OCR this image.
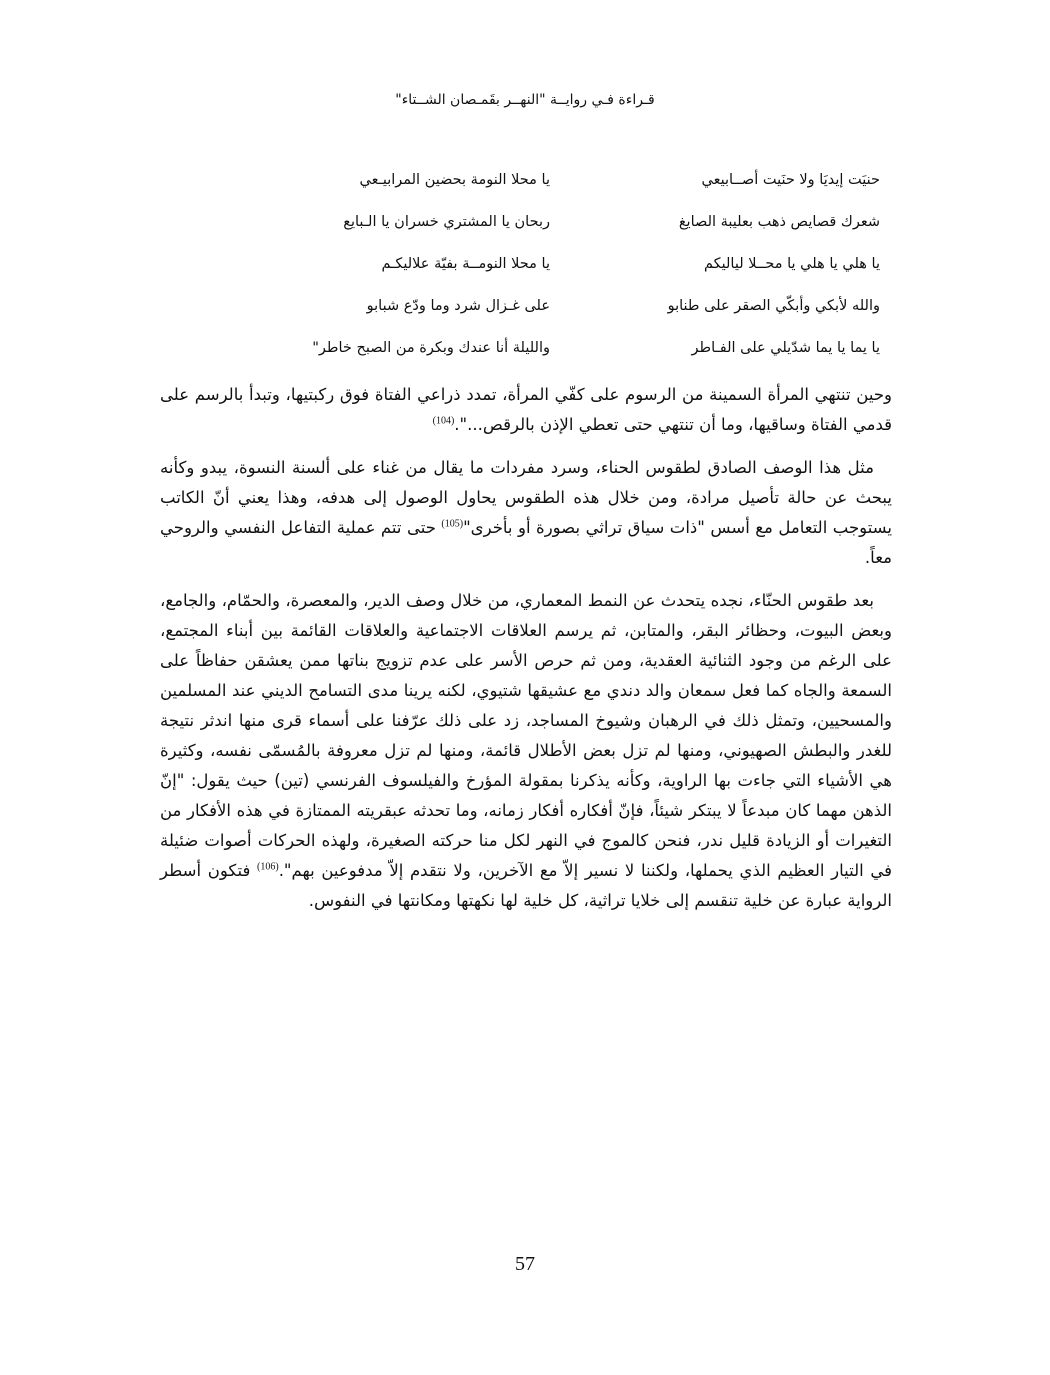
قـراءة فـي روايــة "النهــر بقَمـصان الشــتاء"
حنيَت إيديَا ولا حنَيت أصــابيعي
يا محلا النومة بحضين المرابيـعي
شعرك قصايص ذهب بعليبة الصايغ
ربحان يا المشتري خسران يا الـبايع
يا هلي يا هلي يا محــلا لياليكم
يا محلا النومــة بفيّة علاليكـم
والله لأبكي وأبكّي الصقر على طنابو
على غـزال شرد وما ودّع شبابو
يا يما يا يما شدّيلي على الفـاطر
والليلة أنا عندك وبكرة من الصبح خاطر"

وحين تنتهي المرأة السمينة من الرسوم على كفّي المرأة، تمدد ذراعي الفتاة فوق ركبتيها، وتبدأ بالرسم على قدمي الفتاة وساقيها، وما أن تنتهي حتى تعطي الإذن بالرقص...".$^{(104)}$

مثل هذا الوصف الصادق لطقوس الحناء، وسرد مفردات ما يقال من غناء على ألسنة النسوة، يبدو وكأنه يبحث عن حالة تأصيل مرادة، ومن خلال هذه الطقوس يحاول الوصول إلى هدفه، وهذا يعني أنّ الكاتب يستوجب التعامل مع أسس "ذات سياق تراثي بصورة أو بأخرى"$^{(105)}$ حتى تتم عملية التفاعل النفسي والروحي معاً.

بعد طقوس الحنّاء، نجده يتحدث عن النمط المعماري، من خلال وصف الدير، والمعصرة، والحمّام، والجامع، وبعض البيوت، وحظائر البقر، والمتابن، ثم يرسم العلاقات الاجتماعية والعلاقات القائمة بين أبناء المجتمع، على الرغم من وجود الثنائية العقدية، ومن ثم حرص الأسر على عدم تزويج بناتها ممن يعشقن حفاظاً على السمعة والجاه كما فعل سمعان والد دندي مع عشيقها شتيوي، لكنه يرينا مدى التسامح الديني عند المسلمين والمسحيين، وتمثل ذلك في الرهبان وشيوخ المساجد، زد على ذلك عرّفنا على أسماء قرى منها اندثر نتيجة للغدر والبطش الصهيوني، ومنها لم تزل بعض الأطلال قائمة، ومنها لم تزل معروفة بالمُسمّى نفسه، وكثيرة هي الأشياء التي جاءت بها الراوية، وكأنه يذكرنا بمقولة المؤرخ والفيلسوف الفرنسي (تين) حيث يقول: "إنّ الذهن مهما كان مبدعاً لا يبتكر شيئاً، فإنّ أفكاره أفكار زمانه، وما تحدثه عبقريته الممتازة في هذه الأفكار من التغيرات أو الزيادة قليل ندر، فنحن كالموج في النهر لكل منا حركته الصغيرة، ولهذه الحركات أصوات ضئيلة في التيار العظيم الذي يحملها، ولكننا لا نسير إلاّ مع الآخرين، ولا نتقدم إلاّ مدفوعين بهم".$^{(106)}$ فتكون أسطر الرواية عبارة عن خلية تنقسم إلى خلايا تراثية، كل خلية لها نكهتها ومكانتها في النفوس.

57
